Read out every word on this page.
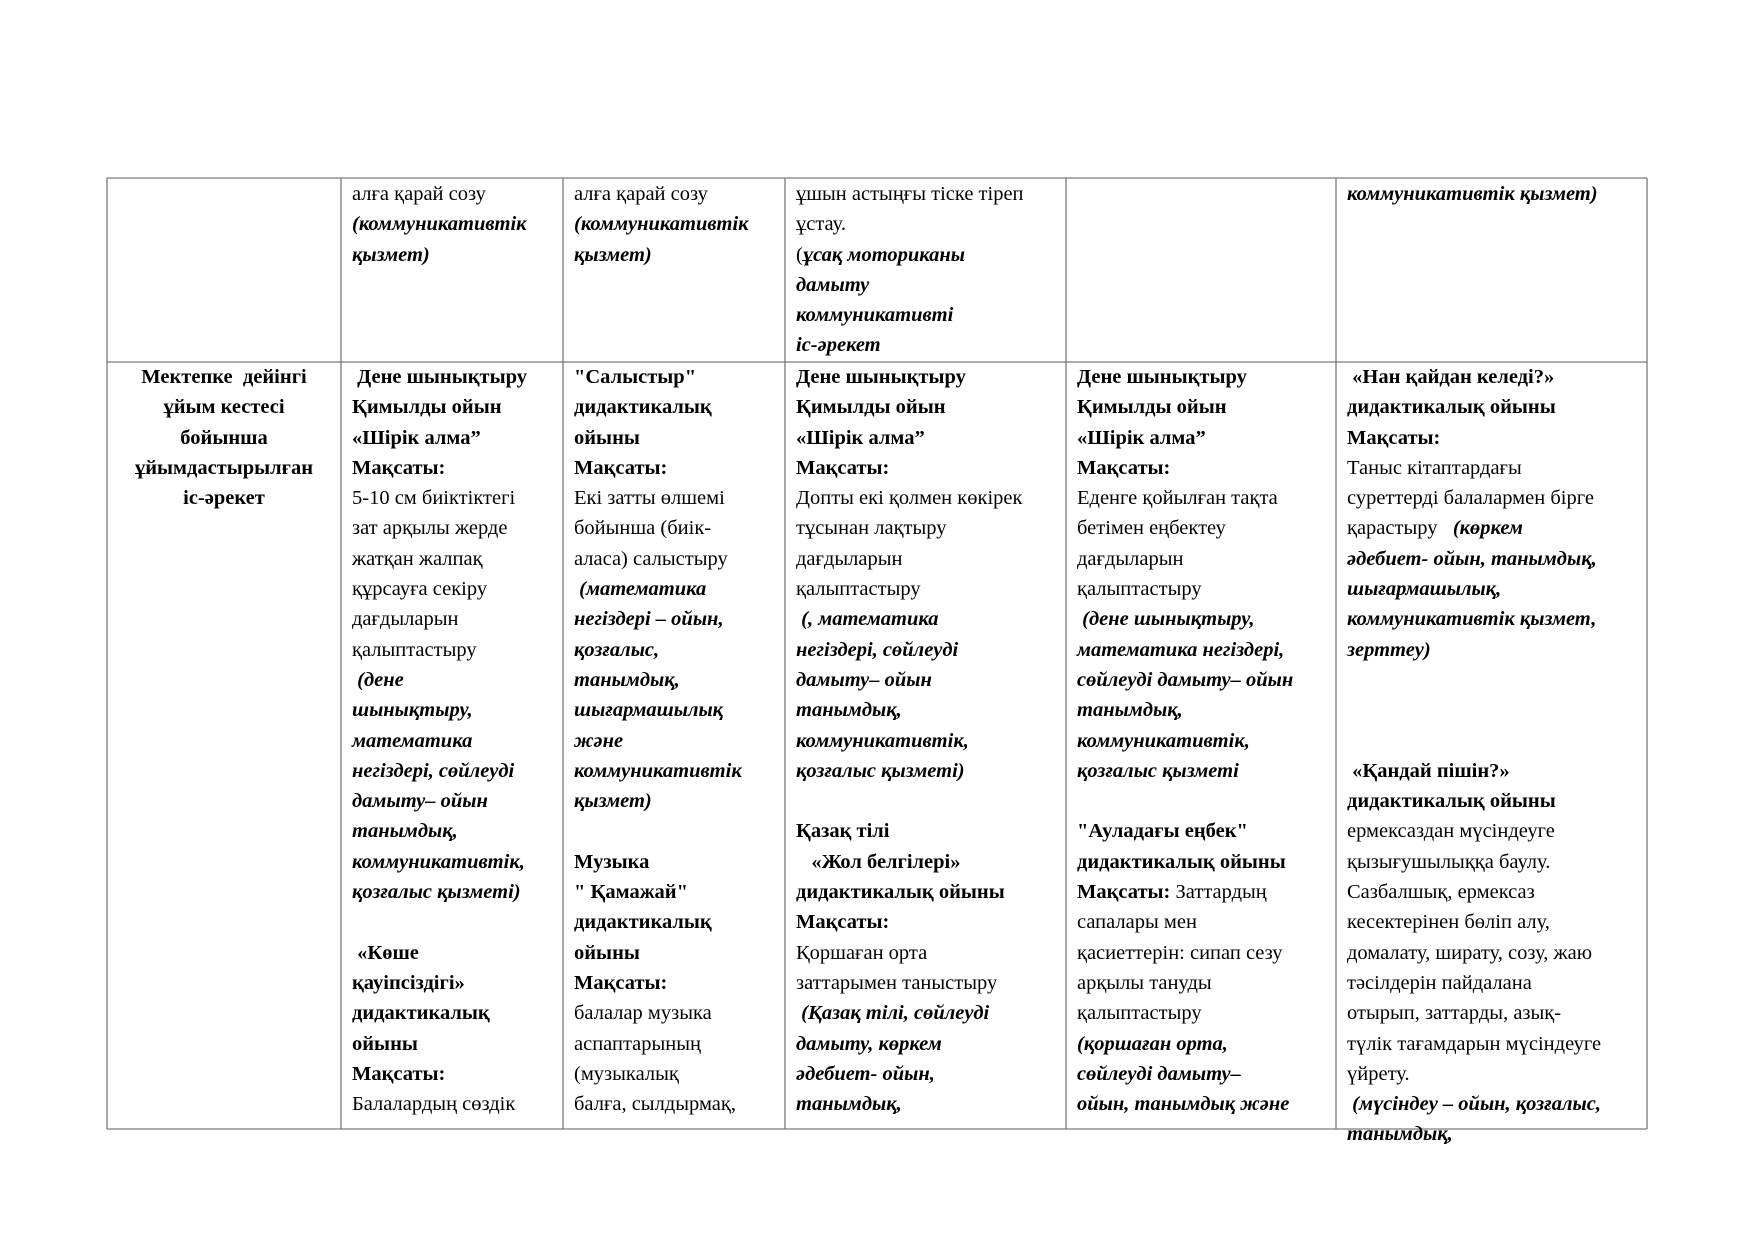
алға қарай созу
(коммуникативтік
қызмет)
алға қарай созу
(коммуникативтік
қызмет)
ұшын астыңғы тіске тіреп
ұстау.
(ұсақ моториканы
дамыту
коммуникативті
іс-әрекет
коммуникативтік қызмет)
Мектепке  дейінгі
ұйым кестесі
бойынша
ұйымдастырылған
іс-әрекет
Дене шынықтыру
Қимылды ойын
«Шірік алма”
Мақсаты:
5-10 см биіктіктегі
зат арқылы жерде
жатқан жалпақ
құрсауға секіру
дағдыларын
қалыптастыру
(дене
шынықтыру,
математика
негіздері, сөйлеуді
дамыту– ойын
танымдық,
коммуникативтік,
қозғалыс қызметі)
«Көше
қауіпсіздігі»
дидактикалық
ойыны
Мақсаты:
Балалардың сөздік
"Салыстыр"
дидактикалық
ойыны
Мақсаты:
Екі затты өлшемі
бойынша (биік-
аласа) салыстыру
(математика
негіздері – ойын,
қозғалыс,
танымдық,
шығармашылық
және
коммуникативтік
қызмет)
Музыка
" Қамажай"
дидактикалық
ойыны
Мақсаты:
балалар музыка
аспаптарының
(музыкалық
балға, сылдырмақ,
Дене шынықтыру
Қимылды ойын
«Шірік алма”
Мақсаты:
Допты екі қолмен көкірек
тұсынан лақтыру
дағдыларын
қалыптастыру
(, математика
негіздері, сөйлеуді
дамыту– ойын
танымдық,
коммуникативтік,
қозғалыс қызметі)
Қазақ тілі
«Жол белгілері»
дидактикалық ойыны
Мақсаты:
Қоршаған орта
заттарымен таныстыру
(Қазақ тілі, сөйлеуді
дамыту, көркем
әдебиет- ойын,
танымдық,
Дене шынықтыру
Қимылды ойын
«Шірік алма”
Мақсаты:
Еденге қойылған тақта
бетімен еңбектеу
дағдыларын
қалыптастыру
(дене шынықтыру,
математика негіздері,
сөйлеуді дамыту– ойын
танымдық,
коммуникативтік,
қозғалыс қызметі
"Ауладағы еңбек"
дидактикалық ойыны
Мақсаты: Заттардың
сапалары мен
қасиеттерін: сипап сезу
арқылы тануды
қалыптастыру
(қоршаған орта,
сөйлеуді дамыту–
ойын, танымдық және
«Нан қайдан келеді?»
дидактикалық ойыны
Мақсаты:
Таныс кітаптардағы
суреттерді балалармен бірге
қарастыру   (көркем
әдебиет- ойын, танымдық,
шығармашылық,
коммуникативтік қызмет,
зерттеу)
«Қандай пішін?»
дидактикалық ойыны
ермексаздан мүсіндеуге
қызығушылыққа баулу.
Сазбалшық, ермексаз
кесектерінен бөліп алу,
домалату, ширату, созу, жаю
тәсілдерін пайдалана
отырып, заттарды, азық-
түлік тағамдарын мүсіндеуге
үйрету.
(мүсіндеу – ойын, қозғалыс,
танымдық,
